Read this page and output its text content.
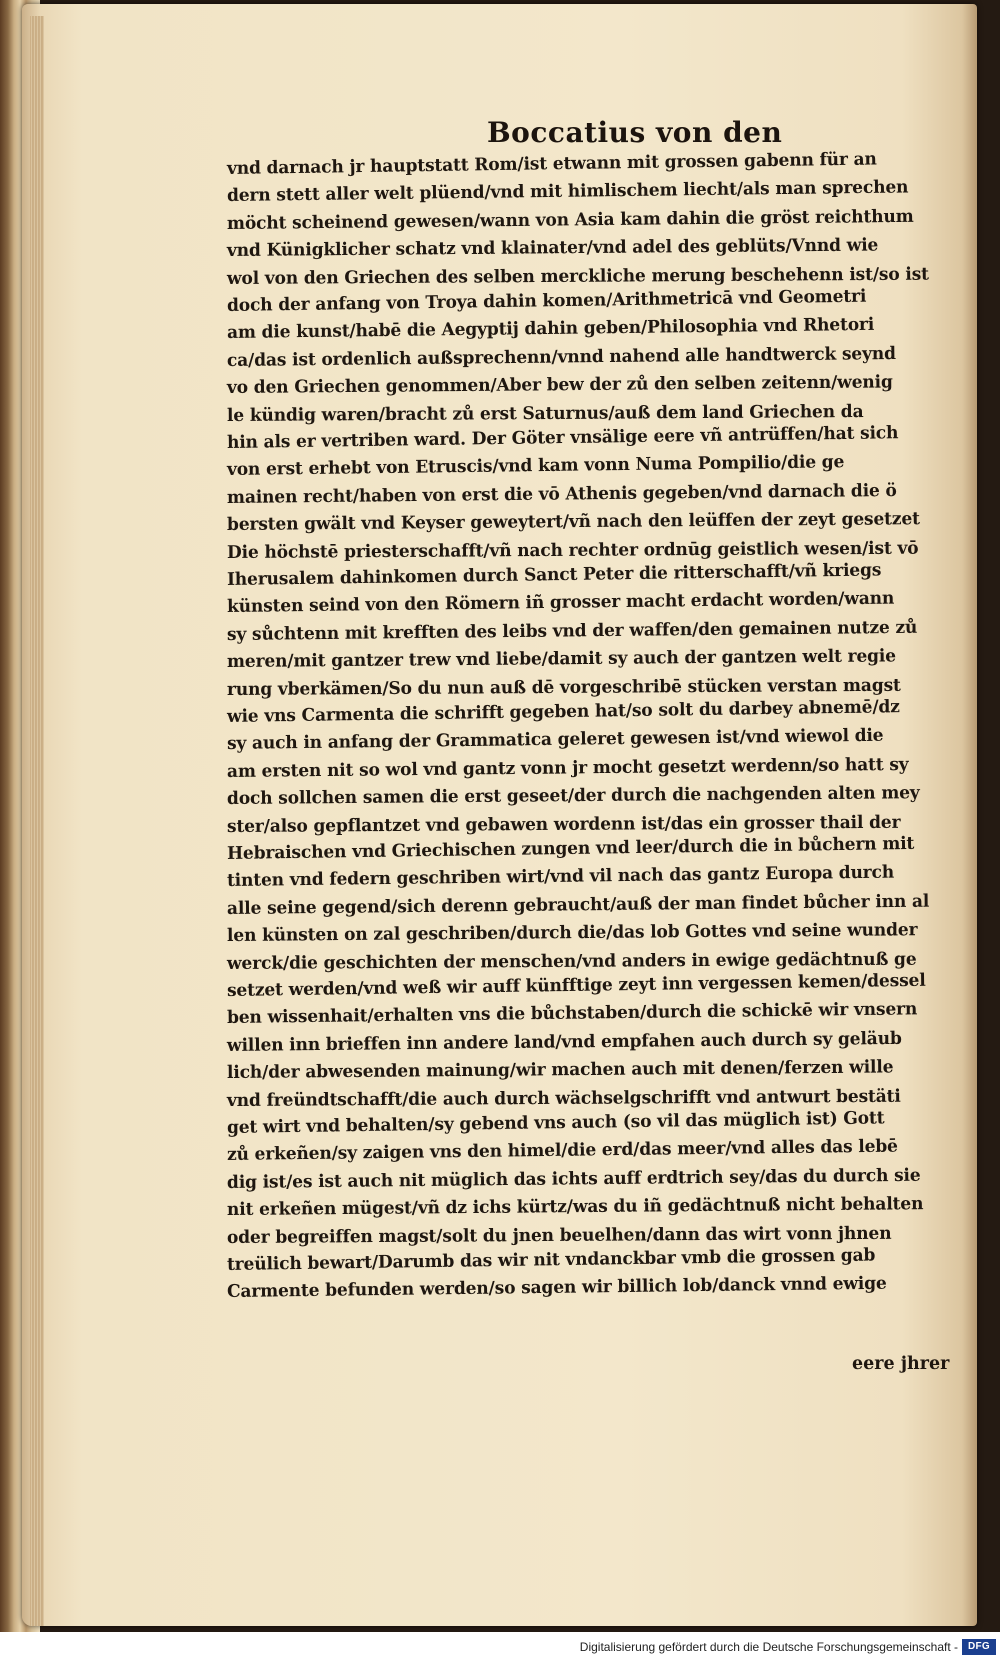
Boccatius von den
vnd darnach jr hauptstatt Rom/ist etwann mit grossen gabenn für an
dern stett aller welt plüend/vnd mit himlischem liecht/als man sprechen
möcht scheinend gewesen/wann von Asia kam dahin die gröst reichthum
vnd Künigklicher schatz vnd klainater/vnd adel des geblüts/Vnnd wie
wol von den Griechen des selben merckliche merung beschehenn ist/so ist
doch der anfang von Troya dahin komen/Arithmetricā vnd Geometri
am die kunst/habē die Aegyptij dahin geben/Philosophia vnd Rhetori
ca/das ist ordenlich außsprechenn/vnnd nahend alle handtwerck seynd
vo den Griechen genommen/Aber bew der zů den selben zeitenn/wenig
le kündig waren/bracht zů erst Saturnus/auß dem land Griechen da
hin als er vertriben ward. Der Göter vnsälige eere vñ antrüffen/hat sich
von erst erhebt von Etruscis/vnd kam vonn Numa Pompilio/die ge
mainen recht/haben von erst die vō Athenis gegeben/vnd darnach die ö
bersten gwält vnd Keyser geweytert/vñ nach den leüffen der zeyt gesetzet
Die höchstē priesterschafft/vñ nach rechter ordnūg geistlich wesen/ist vō
Iherusalem dahinkomen durch Sanct Peter die ritterschafft/vñ kriegs
künsten seind von den Römern iñ grosser macht erdacht worden/wann
sy sůchtenn mit krefften des leibs vnd der waffen/den gemainen nutze zů
meren/mit gantzer trew vnd liebe/damit sy auch der gantzen welt regie
rung vberkämen/So du nun auß dē vorgeschribē stücken verstan magst
wie vns Carmenta die schrifft gegeben hat/so solt du darbey abnemē/dz
sy auch in anfang der Grammatica geleret gewesen ist/vnd wiewol die
am ersten nit so wol vnd gantz vonn jr mocht gesetzt werdenn/so hatt sy
doch sollchen samen die erst geseet/der durch die nachgenden alten mey
ster/also gepflantzet vnd gebawen wordenn ist/das ein grosser thail der
Hebraischen vnd Griechischen zungen vnd leer/durch die in bůchern mit
tinten vnd federn geschriben wirt/vnd vil nach das gantz Europa durch
alle seine gegend/sich derenn gebraucht/auß der man findet bůcher inn al
len künsten on zal geschriben/durch die/das lob Gottes vnd seine wunder
werck/die geschichten der menschen/vnd anders in ewige gedächtnuß ge
setzet werden/vnd weß wir auff künfftige zeyt inn vergessen kemen/dessel
ben wissenhait/erhalten vns die bůchstaben/durch die schickē wir vnsern
willen inn brieffen inn andere land/vnd empfahen auch durch sy geläub
lich/der abwesenden mainung/wir machen auch mit denen/ferzen wille
vnd freündtschafft/die auch durch wächselgschrifft vnd antwurt bestäti
get wirt vnd behalten/sy gebend vns auch (so vil das müglich ist) Gott
zů erkeñen/sy zaigen vns den himel/die erd/das meer/vnd alles das lebē
dig ist/es ist auch nit müglich das ichts auff erdtrich sey/das du durch sie
nit erkeñen mügest/vñ dz ichs kürtz/was du iñ gedächtnuß nicht behalten
oder begreiffen magst/solt du jnen beuelhen/dann das wirt vonn jhnen
treülich bewart/Darumb das wir nit vndanckbar vmb die grossen gab
Carmente befunden werden/so sagen wir billich lob/danck vnnd ewige
eere jhrer
Digitalisierung gefördert durch die Deutsche Forschungsgemeinschaft - DFG
